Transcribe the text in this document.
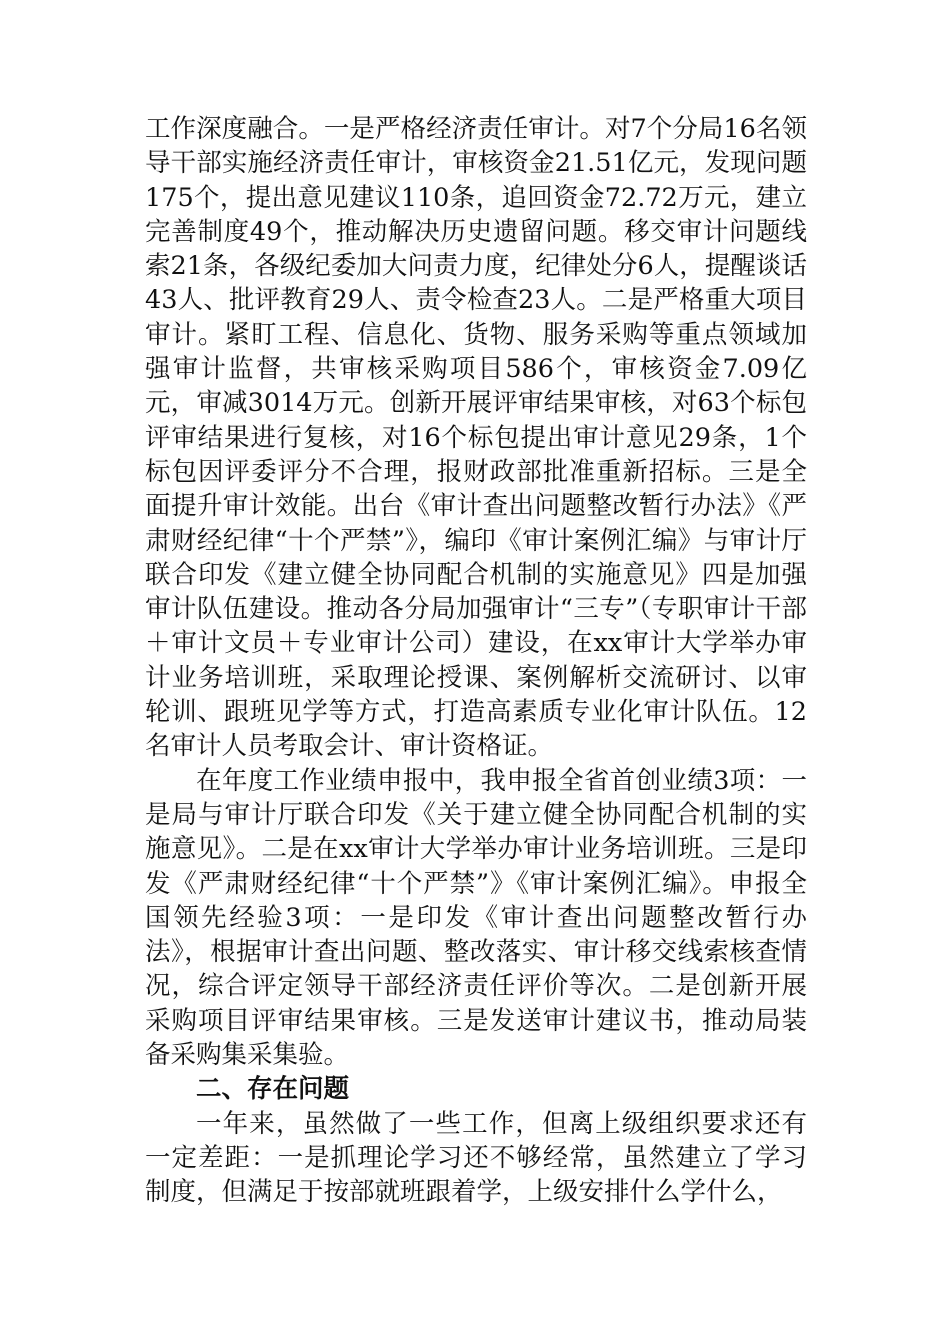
工作深度融合。一是严格经济责任审计。对7个分局16名领导干部实施经济责任审计，审核资金21.51亿元，发现问题175个，提出意见建议110条，追回资金72.72万元，建立完善制度49个，推动解决历史遗留问题。移交审计问题线索21条，各级纪委加大问责力度，纪律处分6人，提醒谈话43人、批评教育29人、责令检查23人。二是严格重大项目审计。紧盯工程、信息化、货物、服务采购等重点领域加强审计监督，共审核采购项目586个，审核资金7.09亿元，审减3014万元。创新开展评审结果审核，对63个标包评审结果进行复核，对16个标包提出审计意见29条，1个标包因评委评分不合理，报财政部批准重新招标。三是全面提升审计效能。出台《审计查出问题整改暂行办法》《严肃财经纪律“十个严禁”》，编印《审计案例汇编》与审计厅联合印发《建立健全协同配合机制的实施意见》四是加强审计队伍建设。推动各分局加强审计“三专”（专职审计干部＋审计文员＋专业审计公司）建设，在xx审计大学举办审计业务培训班，采取理论授课、案例解析交流研讨、以审轮训、跟班见学等方式，打造高素质专业化审计队伍。12名审计人员考取会计、审计资格证。

在年度工作业绩申报中，我申报全省首创业绩3项：一是局与审计厅联合印发《关于建立健全协同配合机制的实施意见》。二是在xx审计大学举办审计业务培训班。三是印发《严肃财经纪律“十个严禁”》《审计案例汇编》。申报全国领先经验3项：一是印发《审计查出问题整改暂行办法》，根据审计查出问题、整改落实、审计移交线索核查情况，综合评定领导干部经济责任评价等次。二是创新开展采购项目评审结果审核。三是发送审计建议书，推动局装备采购集采集验。

二、存在问题

一年来，虽然做了一些工作，但离上级组织要求还有一定差距：一是抓理论学习还不够经常，虽然建立了学习制度，但满足于按部就班跟着学，上级安排什么学什么，
